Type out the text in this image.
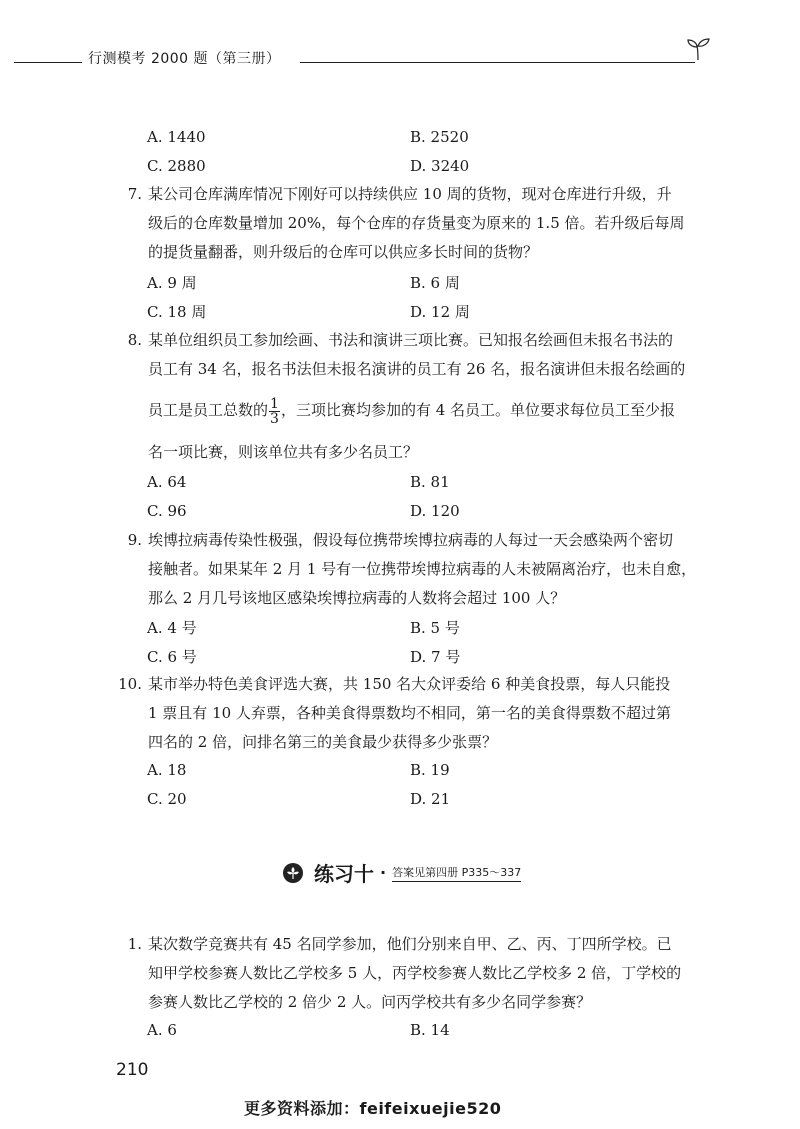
行测模考 2000 题（第三册）
A. 1440	B. 2520
C. 2880	D. 3240
7. 某公司仓库满库情况下刚好可以持续供应 10 周的货物，现对仓库进行升级，升
级后的仓库数量增加 20%，每个仓库的存货量变为原来的 1.5 倍。若升级后每周
的提货量翻番，则升级后的仓库可以供应多长时间的货物？
A. 9 周	B. 6 周
C. 18 周	D. 12 周
8. 某单位组织员工参加绘画、书法和演讲三项比赛。已知报名绘画但未报名书法的
员工有 34 名，报名书法但未报名演讲的员工有 26 名，报名演讲但未报名绘画的
员工是员工总数的 $\frac{1}{3}$ ，三项比赛均参加的有 4 名员工。单位要求每位员工至少报
名一项比赛，则该单位共有多少名员工？
A. 64	B. 81
C. 96	D. 120
9. 埃博拉病毒传染性极强，假设每位携带埃博拉病毒的人每过一天会感染两个密切
接触者。如果某年 2 月 1 号有一位携带埃博拉病毒的人未被隔离治疗，也未自愈，
那么 2 月几号该地区感染埃博拉病毒的人数将会超过 100 人？
A. 4 号	B. 5 号
C. 6 号	D. 7 号
10. 某市举办特色美食评选大赛，共 150 名大众评委给 6 种美食投票，每人只能投
1 票且有 10 人弃票，各种美食得票数均不相同，第一名的美食得票数不超过第
四名的 2 倍，问排名第三的美食最少获得多少张票？
A. 18	B. 19
C. 20	D. 21
练习十 · 答案见第四册 P335～337
1. 某次数学竞赛共有 45 名同学参加，他们分别来自甲、乙、丙、丁四所学校。已
知甲学校参赛人数比乙学校多 5 人，丙学校参赛人数比乙学校多 2 倍，丁学校的
参赛人数比乙学校的 2 倍少 2 人。问丙学校共有多少名同学参赛？
A. 6	B. 14
210
更多资料添加：feifeixuejie520
